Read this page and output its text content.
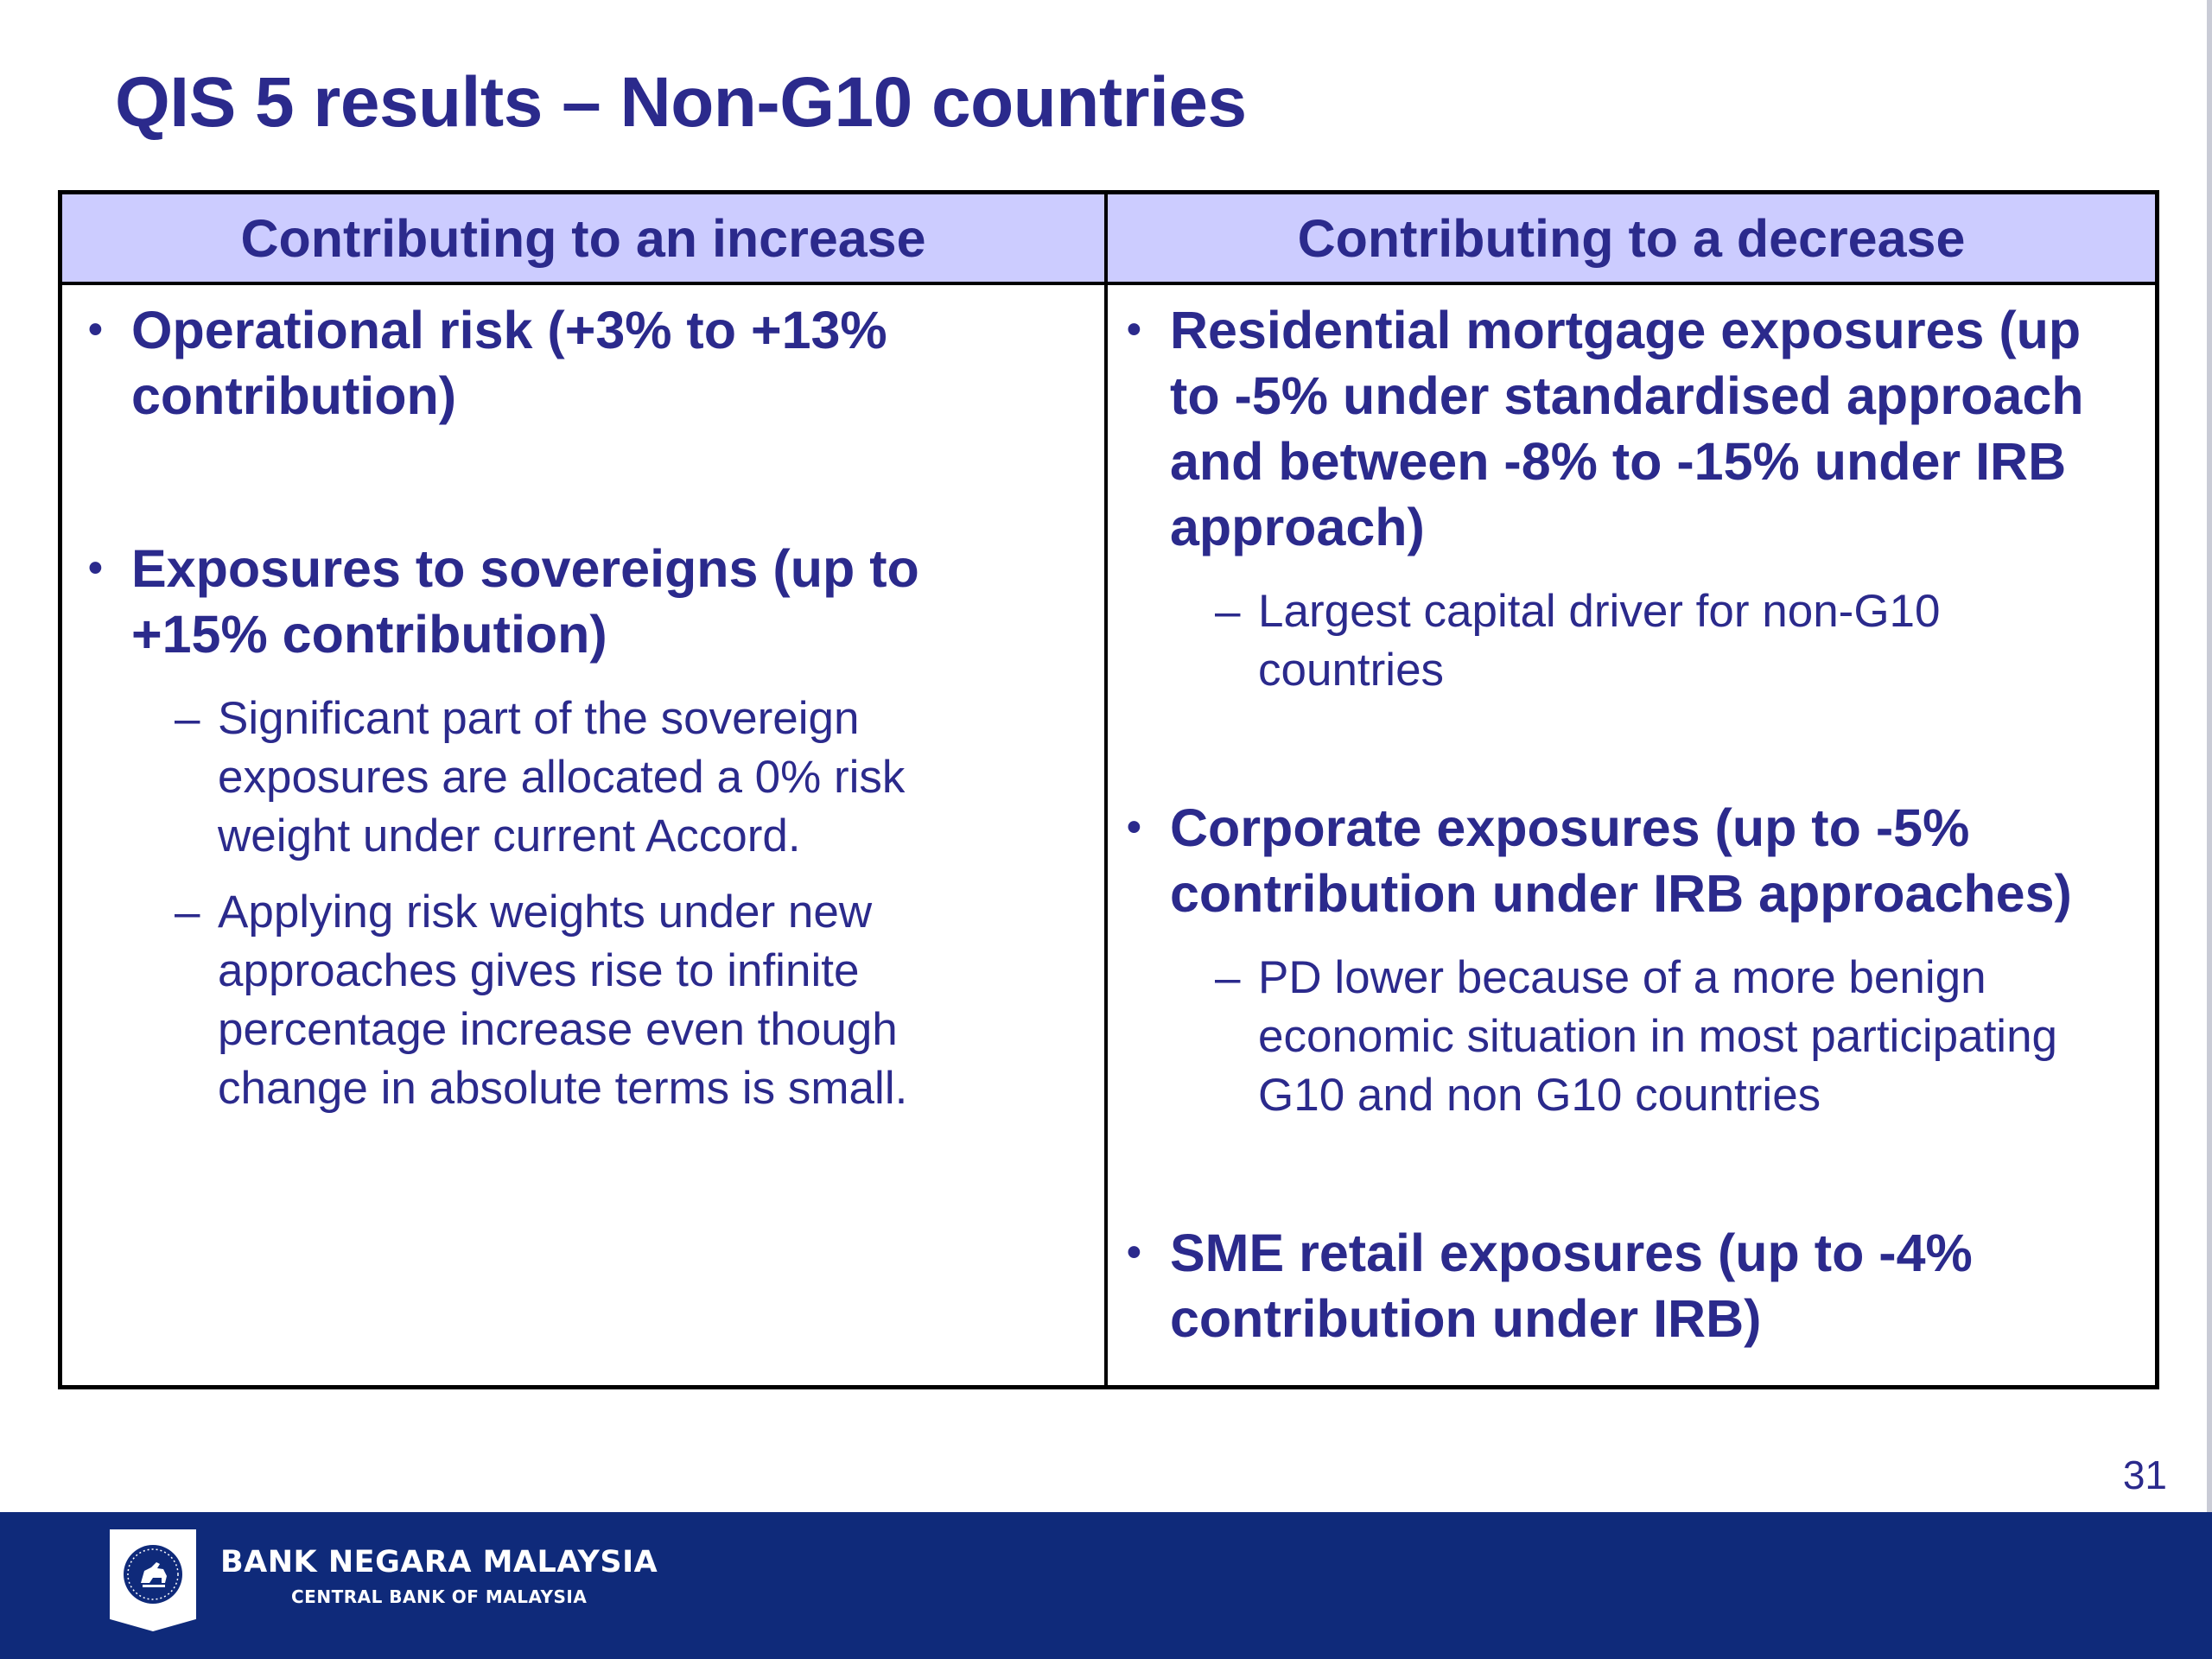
QIS 5 results – Non-G10 countries
Contributing to an increase	Contributing to a decrease
• Operational risk (+3% to +13%
contribution)
• Exposures to sovereigns (up to
+15% contribution)
– Significant part of the sovereign
exposures are allocated a 0% risk
weight under current Accord.
– Applying risk weights under new
approaches gives rise to infinite
percentage increase even though
change in absolute terms is small.
• Residential mortgage exposures (up
to -5% under standardised approach
and between -8% to -15% under IRB
approach)
– Largest capital driver for non-G10
countries
• Corporate exposures (up to -5%
contribution under IRB approaches)
– PD lower because of a more benign
economic situation in most participating
G10 and non G10 countries
• SME retail exposures (up to -4%
contribution under IRB)
31
BANK NEGARA MALAYSIA
CENTRAL BANK OF MALAYSIA
